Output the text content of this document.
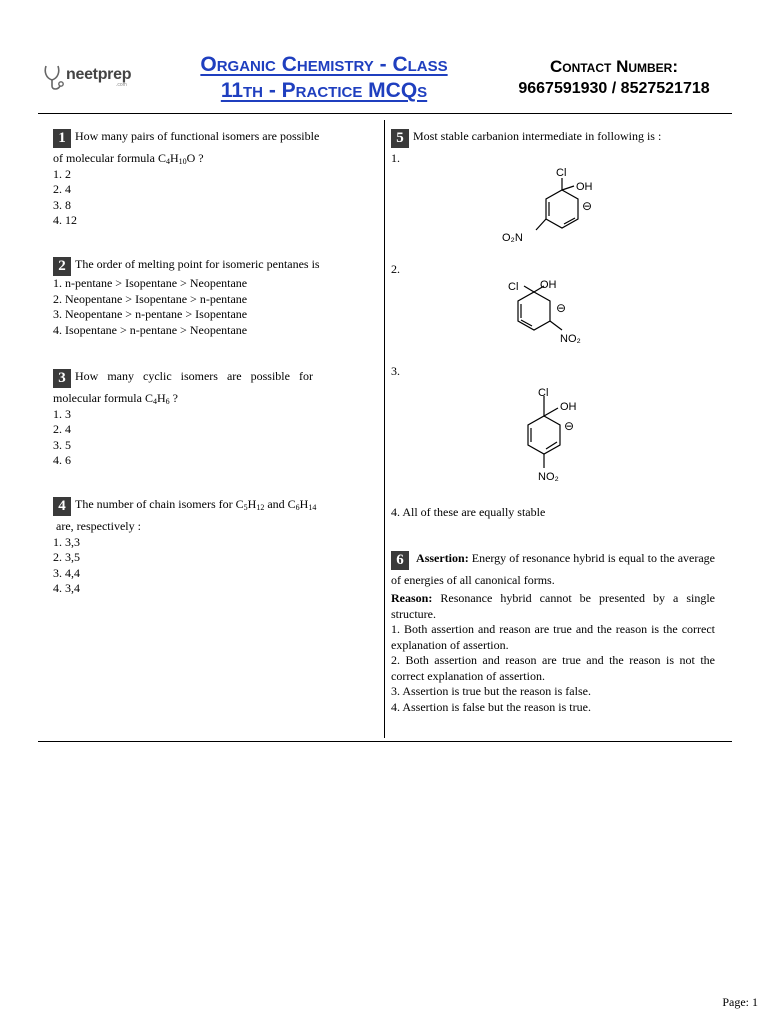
neetprep
.com
Organic Chemistry - Class
11th - Practice MCQs
Contact Number:
9667591930 / 8527521718
1 How many pairs of functional isomers are possible
of molecular formula $C_4H_{10}O$ ?
1. 2
2. 4
3. 8
4. 12
2 The order of melting point for isomeric pentanes is
1. n-pentane > Isopentane > Neopentane
2. Neopentane > Isopentane > n-pentane
3. Neopentane > n-pentane > Isopentane
4. Isopentane > n-pentane > Neopentane
3 How many cyclic isomers are possible for
molecular formula $C_4H_6$ ?
1. 3
2. 4
3. 5
4. 6
4 The number of chain isomers for $C_5H_{12}$ and $C_6H_{14}$
are, respectively :
1. 3,3
2. 3,5
3. 4,4
4. 3,4
5 Most stable carbanion intermediate in following is :
1.
2.
3.
4. All of these are equally stable
Cl
OH
⊖
O₂N
Cl OH
⊖
NO₂
Cl
OH
⊖
NO₂
6 Assertion: Energy of resonance hybrid is equal to the average of energies of all canonical forms.
Reason: Resonance hybrid cannot be presented by a single structure.
1. Both assertion and reason are true and the reason is the correct explanation of assertion.
2. Both assertion and reason are true and the reason is not the correct explanation of assertion.
3. Assertion is true but the reason is false.
4. Assertion is false but the reason is true.
Page: 1
